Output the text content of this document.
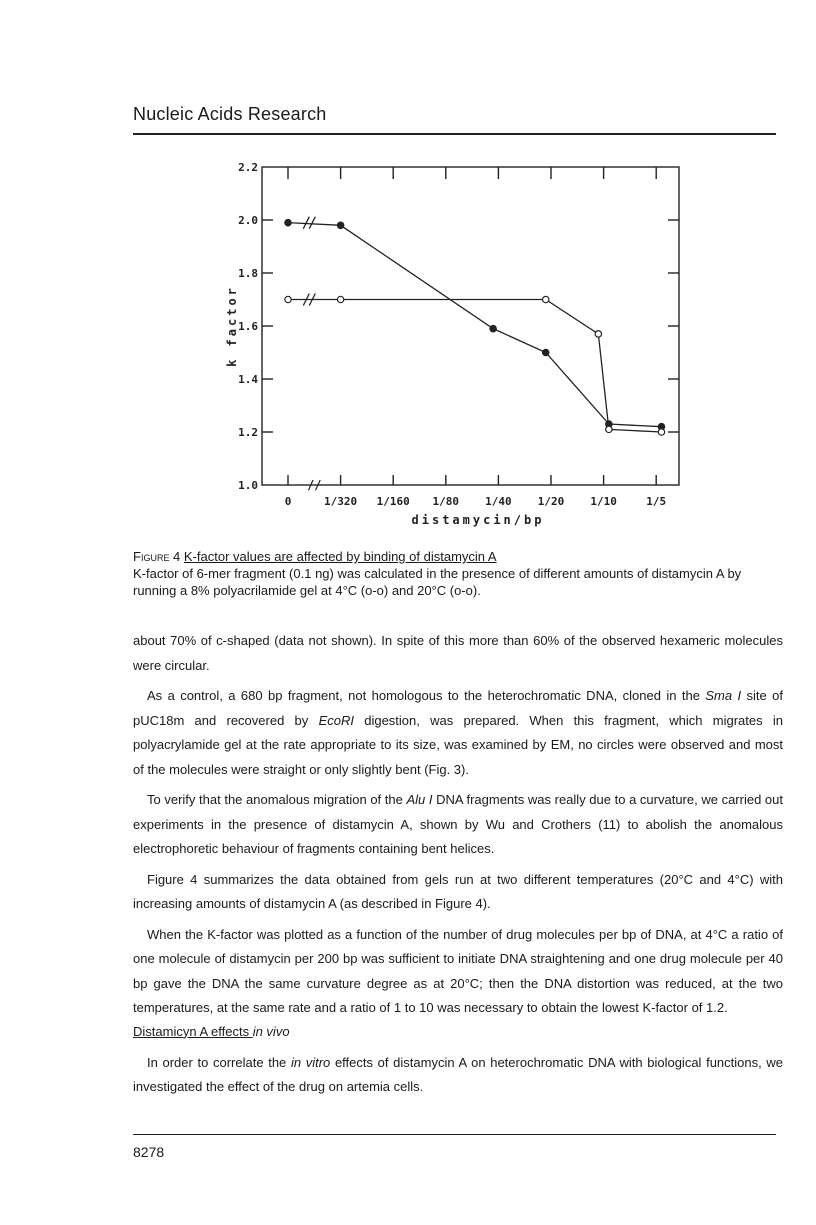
Nucleic Acids Research
1.0
1.2
1.4
1.6
1.8
2.0
2.2
0	1/320 1/160 1/80 1/40 1/20 1/10	1/5
//
distamycin/bp
k factor
Figure 4 K-factor values are affected by binding of distamycin A
K-factor of 6-mer fragment (0.1 ng) was calculated in the presence of different amounts of distamycin A by running a 8% polyacrilamide gel at 4°C (o-o) and 20°C (o-o).

about 70% of c-shaped (data not shown). In spite of this more than 60% of the observed hexameric molecules were circular.

As a control, a 680 bp fragment, not homologous to the heterochromatic DNA, cloned in the Sma I site of pUC18m and recovered by EcoRI digestion, was prepared. When this fragment, which migrates in polyacrylamide gel at the rate appropriate to its size, was examined by EM, no circles were observed and most of the molecules were straight or only slightly bent (Fig. 3).

To verify that the anomalous migration of the Alu I DNA fragments was really due to a curvature, we carried out experiments in the presence of distamycin A, shown by Wu and Crothers (11) to abolish the anomalous electrophoretic behaviour of fragments containing bent helices.

Figure 4 summarizes the data obtained from gels run at two different temperatures (20°C and 4°C) with increasing amounts of distamycin A (as described in Figure 4).

When the K-factor was plotted as a function of the number of drug molecules per bp of DNA, at 4°C a ratio of one molecule of distamycin per 200 bp was sufficient to initiate DNA straightening and one drug molecule per 40 bp gave the DNA the same curvature degree as at 20°C; then the DNA distortion was reduced, at the two temperatures, at the same rate and a ratio of 1 to 10 was necessary to obtain the lowest K-factor of 1.2.

Distamicyn A effects in vivo

In order to correlate the in vitro effects of distamycin A on heterochromatic DNA with biological functions, we investigated the effect of the drug on artemia cells.

8278
